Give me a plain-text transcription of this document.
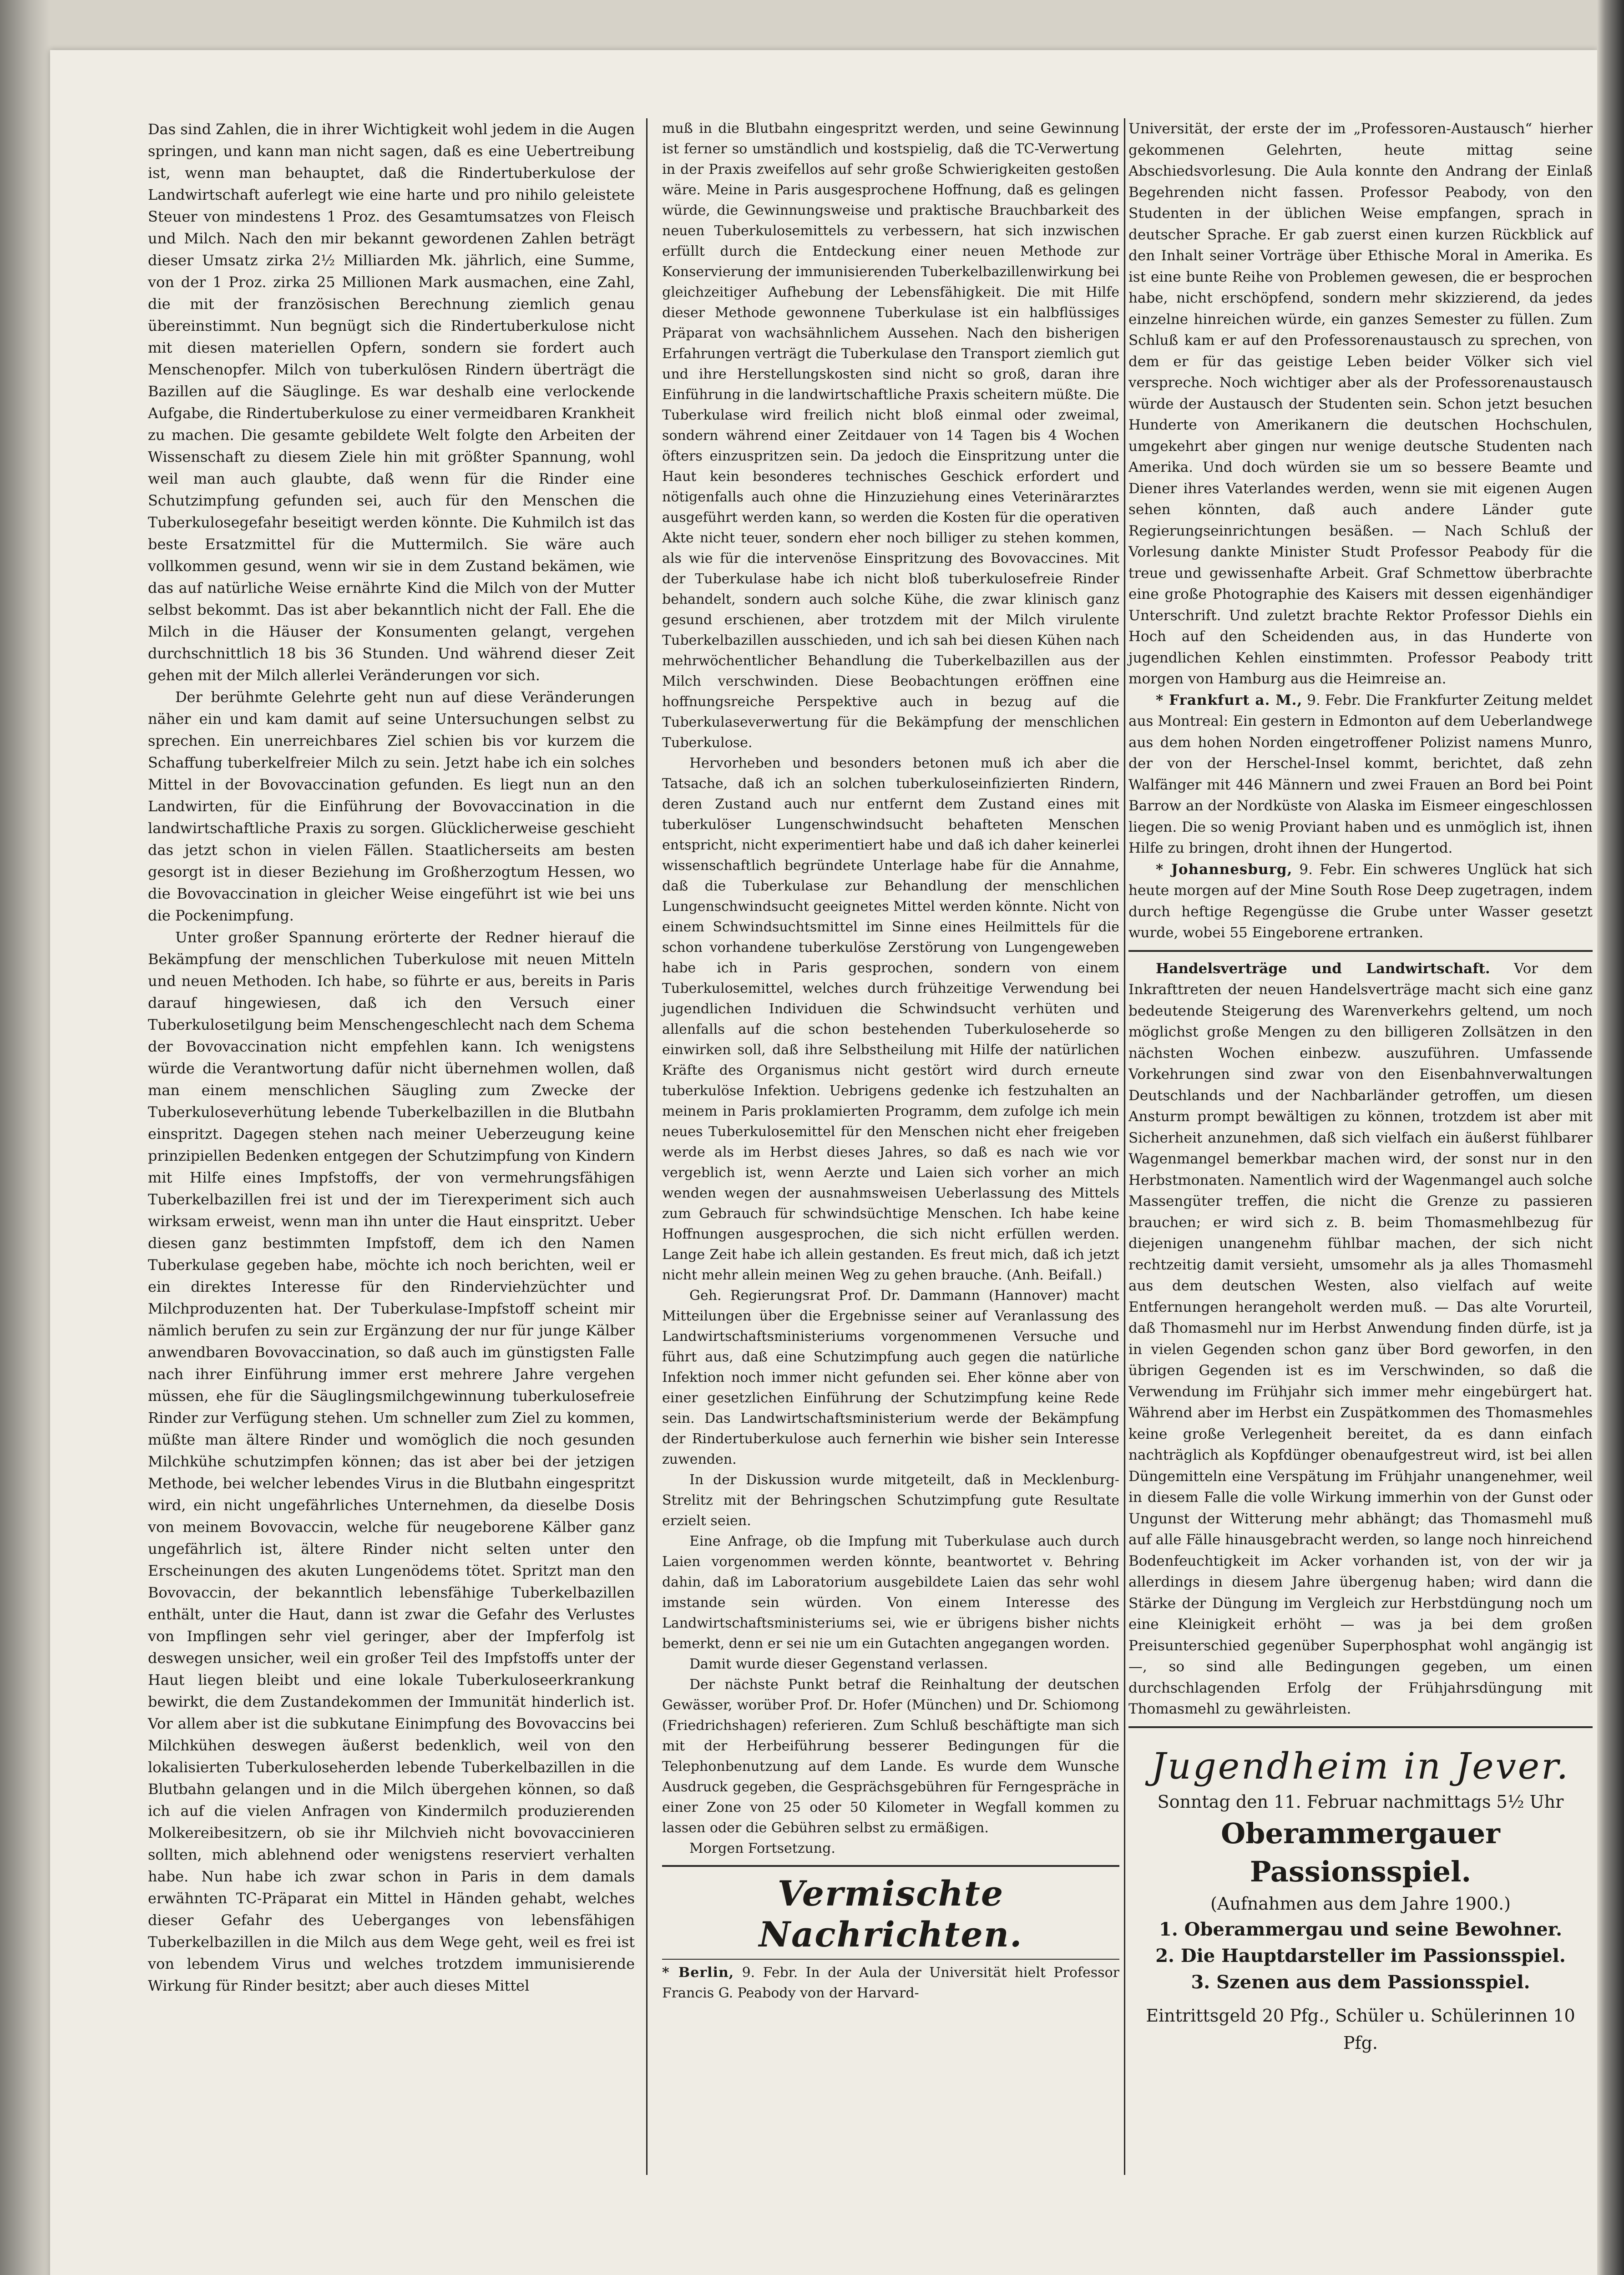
Das sind Zahlen, die in ihrer Wichtigkeit wohl jedem in die Augen springen, und kann man nicht sagen, daß es eine Uebertreibung ist, wenn man behauptet, daß die Rindertuberkulose der Landwirtschaft auferlegt wie eine harte und pro nihilo geleistete Steuer von mindestens 1 Proz. des Gesamtumsatzes von Fleisch und Milch. Nach den mir bekannt gewordenen Zahlen beträgt dieser Umsatz zirka 2½ Milliarden Mk. jährlich, eine Summe, von der 1 Proz. zirka 25 Millionen Mark ausmachen, eine Zahl, die mit der französischen Berechnung ziemlich genau übereinstimmt. Nun begnügt sich die Rindertuberkulose nicht mit diesen materiellen Opfern, sondern sie fordert auch Menschenopfer. Milch von tuberkulösen Rindern überträgt die Bazillen auf die Säuglinge. Es war deshalb eine verlockende Aufgabe, die Rindertuberkulose zu einer vermeidbaren Krankheit zu machen. Die gesamte gebildete Welt folgte den Arbeiten der Wissenschaft zu diesem Ziele hin mit größter Spannung, wohl weil man auch glaubte, daß wenn für die Rinder eine Schutzimpfung gefunden sei, auch für den Menschen die Tuberkulosegefahr beseitigt werden könnte. Die Kuhmilch ist das beste Ersatzmittel für die Muttermilch. Sie wäre auch vollkommen gesund, wenn wir sie in dem Zustand bekämen, wie das auf natürliche Weise ernährte Kind die Milch von der Mutter selbst bekommt. Das ist aber bekanntlich nicht der Fall. Ehe die Milch in die Häuser der Konsumenten gelangt, vergehen durchschnittlich 18 bis 36 Stunden. Und während dieser Zeit gehen mit der Milch allerlei Veränderungen vor sich.

Der berühmte Gelehrte geht nun auf diese Veränderungen näher ein und kam damit auf seine Untersuchungen selbst zu sprechen. Ein unerreichbares Ziel schien bis vor kurzem die Schaffung tuberkelfreier Milch zu sein. Jetzt habe ich ein solches Mittel in der Bovovaccination gefunden. Es liegt nun an den Landwirten, für die Einführung der Bovovaccination in die landwirtschaftliche Praxis zu sorgen. Glücklicherweise geschieht das jetzt schon in vielen Fällen. Staatlicherseits am besten gesorgt ist in dieser Beziehung im Großherzogtum Hessen, wo die Bovovaccination in gleicher Weise eingeführt ist wie bei uns die Pockenimpfung.

Unter großer Spannung erörterte der Redner hierauf die Bekämpfung der menschlichen Tuberkulose mit neuen Mitteln und neuen Methoden. Ich habe, so führte er aus, bereits in Paris darauf hingewiesen, daß ich den Versuch einer Tuberkulosetilgung beim Menschengeschlecht nach dem Schema der Bovovaccination nicht empfehlen kann. Ich wenigstens würde die Verantwortung dafür nicht übernehmen wollen, daß man einem menschlichen Säugling zum Zwecke der Tuberkuloseverhütung lebende Tuberkelbazillen in die Blutbahn einspritzt. Dagegen stehen nach meiner Ueberzeugung keine prinzipiellen Bedenken entgegen der Schutzimpfung von Kindern mit Hilfe eines Impfstoffs, der von vermehrungsfähigen Tuberkelbazillen frei ist und der im Tierexperiment sich auch wirksam erweist, wenn man ihn unter die Haut einspritzt. Ueber diesen ganz bestimmten Impfstoff, dem ich den Namen Tuberkulase gegeben habe, möchte ich noch berichten, weil er ein direktes Interesse für den Rinderviehzüchter und Milchproduzenten hat. Der Tuberkulase-Impfstoff scheint mir nämlich berufen zu sein zur Ergänzung der nur für junge Kälber anwendbaren Bovovaccination, so daß auch im günstigsten Falle nach ihrer Einführung immer erst mehrere Jahre vergehen müssen, ehe für die Säuglingsmilchgewinnung tuberkulosefreie Rinder zur Verfügung stehen. Um schneller zum Ziel zu kommen, müßte man ältere Rinder und womöglich die noch gesunden Milchkühe schutzimpfen können; das ist aber bei der jetzigen Methode, bei welcher lebendes Virus in die Blutbahn eingespritzt wird, ein nicht ungefährliches Unternehmen, da dieselbe Dosis von meinem Bovovaccin, welche für neugeborene Kälber ganz ungefährlich ist, ältere Rinder nicht selten unter den Erscheinungen des akuten Lungenödems tötet. Spritzt man den Bovovaccin, der bekanntlich lebensfähige Tuberkelbazillen enthält, unter die Haut, dann ist zwar die Gefahr des Verlustes von Impflingen sehr viel geringer, aber der Impferfolg ist deswegen unsicher, weil ein großer Teil des Impfstoffs unter der Haut liegen bleibt und eine lokale Tuberkuloseerkrankung bewirkt, die dem Zustandekommen der Immunität hinderlich ist. Vor allem aber ist die subkutane Einimpfung des Bovovaccins bei Milchkühen deswegen äußerst bedenklich, weil von den lokalisierten Tuberkuloseherden lebende Tuberkelbazillen in die Blutbahn gelangen und in die Milch übergehen können, so daß ich auf die vielen Anfragen von Kindermilch produzierenden Molkereibesitzern, ob sie ihr Milchvieh nicht bovovaccinieren sollten, mich ablehnend oder wenigstens reserviert verhalten habe. Nun habe ich zwar schon in Paris in dem damals erwähnten TC-Präparat ein Mittel in Händen gehabt, welches dieser Gefahr des Ueberganges von lebensfähigen Tuberkelbazillen in die Milch aus dem Wege geht, weil es frei ist von lebendem Virus und welches trotzdem immunisierende Wirkung für Rinder besitzt; aber auch dieses Mittel

muß in die Blutbahn eingespritzt werden, und seine Gewinnung ist ferner so umständlich und kostspielig, daß die TC-Verwertung in der Praxis zweifellos auf sehr große Schwierigkeiten gestoßen wäre. Meine in Paris ausgesprochene Hoffnung, daß es gelingen würde, die Gewinnungsweise und praktische Brauchbarkeit des neuen Tuberkulosemittels zu verbessern, hat sich inzwischen erfüllt durch die Entdeckung einer neuen Methode zur Konservierung der immunisierenden Tuberkelbazillenwirkung bei gleichzeitiger Aufhebung der Lebensfähigkeit. Die mit Hilfe dieser Methode gewonnene Tuberkulase ist ein halbflüssiges Präparat von wachsähnlichem Aussehen. Nach den bisherigen Erfahrungen verträgt die Tuberkulase den Transport ziemlich gut und ihre Herstellungskosten sind nicht so groß, daran ihre Einführung in die landwirtschaftliche Praxis scheitern müßte. Die Tuberkulase wird freilich nicht bloß einmal oder zweimal, sondern während einer Zeitdauer von 14 Tagen bis 4 Wochen öfters einzuspritzen sein. Da jedoch die Einspritzung unter die Haut kein besonderes technisches Geschick erfordert und nötigenfalls auch ohne die Hinzuziehung eines Veterinärarztes ausgeführt werden kann, so werden die Kosten für die operativen Akte nicht teuer, sondern eher noch billiger zu stehen kommen, als wie für die intervenöse Einspritzung des Bovovaccines. Mit der Tuberkulase habe ich nicht bloß tuberkulosefreie Rinder behandelt, sondern auch solche Kühe, die zwar klinisch ganz gesund erschienen, aber trotzdem mit der Milch virulente Tuberkelbazillen ausschieden, und ich sah bei diesen Kühen nach mehrwöchentlicher Behandlung die Tuberkelbazillen aus der Milch verschwinden. Diese Beobachtungen eröffnen eine hoffnungsreiche Perspektive auch in bezug auf die Tuberkulaseverwertung für die Bekämpfung der menschlichen Tuberkulose.

Hervorheben und besonders betonen muß ich aber die Tatsache, daß ich an solchen tuberkuloseinfizierten Rindern, deren Zustand auch nur entfernt dem Zustand eines mit tuberkulöser Lungenschwindsucht behafteten Menschen entspricht, nicht experimentiert habe und daß ich daher keinerlei wissenschaftlich begründete Unterlage habe für die Annahme, daß die Tuberkulase zur Behandlung der menschlichen Lungenschwindsucht geeignetes Mittel werden könnte. Nicht von einem Schwindsuchtsmittel im Sinne eines Heilmittels für die schon vorhandene tuberkulöse Zerstörung von Lungengeweben habe ich in Paris gesprochen, sondern von einem Tuberkulosemittel, welches durch frühzeitige Verwendung bei jugendlichen Individuen die Schwindsucht verhüten und allenfalls auf die schon bestehenden Tuberkuloseherde so einwirken soll, daß ihre Selbstheilung mit Hilfe der natürlichen Kräfte des Organismus nicht gestört wird durch erneute tuberkulöse Infektion. Uebrigens gedenke ich festzuhalten an meinem in Paris proklamierten Programm, dem zufolge ich mein neues Tuberkulosemittel für den Menschen nicht eher freigeben werde als im Herbst dieses Jahres, so daß es nach wie vor vergeblich ist, wenn Aerzte und Laien sich vorher an mich wenden wegen der ausnahmsweisen Ueberlassung des Mittels zum Gebrauch für schwindsüchtige Menschen. Ich habe keine Hoffnungen ausgesprochen, die sich nicht erfüllen werden. Lange Zeit habe ich allein gestanden. Es freut mich, daß ich jetzt nicht mehr allein meinen Weg zu gehen brauche. (Anh. Beifall.)

Geh. Regierungsrat Prof. Dr. Dammann (Hannover) macht Mitteilungen über die Ergebnisse seiner auf Veranlassung des Landwirtschaftsministeriums vorgenommenen Versuche und führt aus, daß eine Schutzimpfung auch gegen die natürliche Infektion noch immer nicht gefunden sei. Eher könne aber von einer gesetzlichen Einführung der Schutzimpfung keine Rede sein. Das Landwirtschaftsministerium werde der Bekämpfung der Rindertuberkulose auch fernerhin wie bisher sein Interesse zuwenden.

In der Diskussion wurde mitgeteilt, daß in Mecklenburg-Strelitz mit der Behringschen Schutzimpfung gute Resultate erzielt seien.

Eine Anfrage, ob die Impfung mit Tuberkulase auch durch Laien vorgenommen werden könnte, beantwortet v. Behring dahin, daß im Laboratorium ausgebildete Laien das sehr wohl imstande sein würden. Von einem Interesse des Landwirtschaftsministeriums sei, wie er übrigens bisher nichts bemerkt, denn er sei nie um ein Gutachten angegangen worden.

Damit wurde dieser Gegenstand verlassen.

Der nächste Punkt betraf die Reinhaltung der deutschen Gewässer, worüber Prof. Dr. Hofer (München) und Dr. Schiomong (Friedrichshagen) referieren. Zum Schluß beschäftigte man sich mit der Herbeiführung besserer Bedingungen für die Telephonbenutzung auf dem Lande. Es wurde dem Wunsche Ausdruck gegeben, die Gesprächsgebühren für Ferngespräche in einer Zone von 25 oder 50 Kilometer in Wegfall kommen zu lassen oder die Gebühren selbst zu ermäßigen.

Morgen Fortsetzung.

Vermischte Nachrichten.

* Berlin, 9. Febr. In der Aula der Universität hielt Professor Francis G. Peabody von der Harvard-

Universität, der erste der im „Professoren-Austausch“ hierher gekommenen Gelehrten, heute mittag seine Abschiedsvorlesung. Die Aula konnte den Andrang der Einlaß Begehrenden nicht fassen. Professor Peabody, von den Studenten in der üblichen Weise empfangen, sprach in deutscher Sprache. Er gab zuerst einen kurzen Rückblick auf den Inhalt seiner Vorträge über Ethische Moral in Amerika. Es ist eine bunte Reihe von Problemen gewesen, die er besprochen habe, nicht erschöpfend, sondern mehr skizzierend, da jedes einzelne hinreichen würde, ein ganzes Semester zu füllen. Zum Schluß kam er auf den Professorenaustausch zu sprechen, von dem er für das geistige Leben beider Völker sich viel verspreche. Noch wichtiger aber als der Professorenaustausch würde der Austausch der Studenten sein. Schon jetzt besuchen Hunderte von Amerikanern die deutschen Hochschulen, umgekehrt aber gingen nur wenige deutsche Studenten nach Amerika. Und doch würden sie um so bessere Beamte und Diener ihres Vaterlandes werden, wenn sie mit eigenen Augen sehen könnten, daß auch andere Länder gute Regierungseinrichtungen besäßen. — Nach Schluß der Vorlesung dankte Minister Studt Professor Peabody für die treue und gewissenhafte Arbeit. Graf Schmettow überbrachte eine große Photographie des Kaisers mit dessen eigenhändiger Unterschrift. Und zuletzt brachte Rektor Professor Diehls ein Hoch auf den Scheidenden aus, in das Hunderte von jugendlichen Kehlen einstimmten. Professor Peabody tritt morgen von Hamburg aus die Heimreise an.

* Frankfurt a. M., 9. Febr. Die Frankfurter Zeitung meldet aus Montreal: Ein gestern in Edmonton auf dem Ueberlandwege aus dem hohen Norden eingetroffener Polizist namens Munro, der von der Herschel-Insel kommt, berichtet, daß zehn Walfänger mit 446 Männern und zwei Frauen an Bord bei Point Barrow an der Nordküste von Alaska im Eismeer eingeschlossen liegen. Die so wenig Proviant haben und es unmöglich ist, ihnen Hilfe zu bringen, droht ihnen der Hungertod.

* Johannesburg, 9. Febr. Ein schweres Unglück hat sich heute morgen auf der Mine South Rose Deep zugetragen, indem durch heftige Regengüsse die Grube unter Wasser gesetzt wurde, wobei 55 Eingeborene ertranken.

Handelsverträge und Landwirtschaft. Vor dem Inkrafttreten der neuen Handelsverträge macht sich eine ganz bedeutende Steigerung des Warenverkehrs geltend, um noch möglichst große Mengen zu den billigeren Zollsätzen in den nächsten Wochen einbezw. auszuführen. Umfassende Vorkehrungen sind zwar von den Eisenbahnverwaltungen Deutschlands und der Nachbarländer getroffen, um diesen Ansturm prompt bewältigen zu können, trotzdem ist aber mit Sicherheit anzunehmen, daß sich vielfach ein äußerst fühlbarer Wagenmangel bemerkbar machen wird, der sonst nur in den Herbstmonaten. Namentlich wird der Wagenmangel auch solche Massengüter treffen, die nicht die Grenze zu passieren brauchen; er wird sich z. B. beim Thomasmehlbezug für diejenigen unangenehm fühlbar machen, der sich nicht rechtzeitig damit versieht, umsomehr als ja alles Thomasmehl aus dem deutschen Westen, also vielfach auf weite Entfernungen herangeholt werden muß. — Das alte Vorurteil, daß Thomasmehl nur im Herbst Anwendung finden dürfe, ist ja in vielen Gegenden schon ganz über Bord geworfen, in den übrigen Gegenden ist es im Verschwinden, so daß die Verwendung im Frühjahr sich immer mehr eingebürgert hat. Während aber im Herbst ein Zuspätkommen des Thomasmehles keine große Verlegenheit bereitet, da es dann einfach nachträglich als Kopfdünger obenaufgestreut wird, ist bei allen Düngemitteln eine Verspätung im Frühjahr unangenehmer, weil in diesem Falle die volle Wirkung immerhin von der Gunst oder Ungunst der Witterung mehr abhängt; das Thomasmehl muß auf alle Fälle hinausgebracht werden, so lange noch hinreichend Bodenfeuchtigkeit im Acker vorhanden ist, von der wir ja allerdings in diesem Jahre übergenug haben; wird dann die Stärke der Düngung im Vergleich zur Herbstdüngung noch um eine Kleinigkeit erhöht — was ja bei dem großen Preisunterschied gegenüber Superphosphat wohl angängig ist —, so sind alle Bedingungen gegeben, um einen durchschlagenden Erfolg der Frühjahrsdüngung mit Thomasmehl zu gewährleisten.

Jugendheim in Jever.
Sonntag den 11. Februar nachmittags 5½ Uhr
Oberammergauer Passionsspiel.
(Aufnahmen aus dem Jahre 1900.)
1. Oberammergau und seine Bewohner.
2. Die Hauptdarsteller im Passionsspiel.
3. Szenen aus dem Passionsspiel.
Eintrittsgeld 20 Pfg., Schüler u. Schülerinnen 10 Pfg.
